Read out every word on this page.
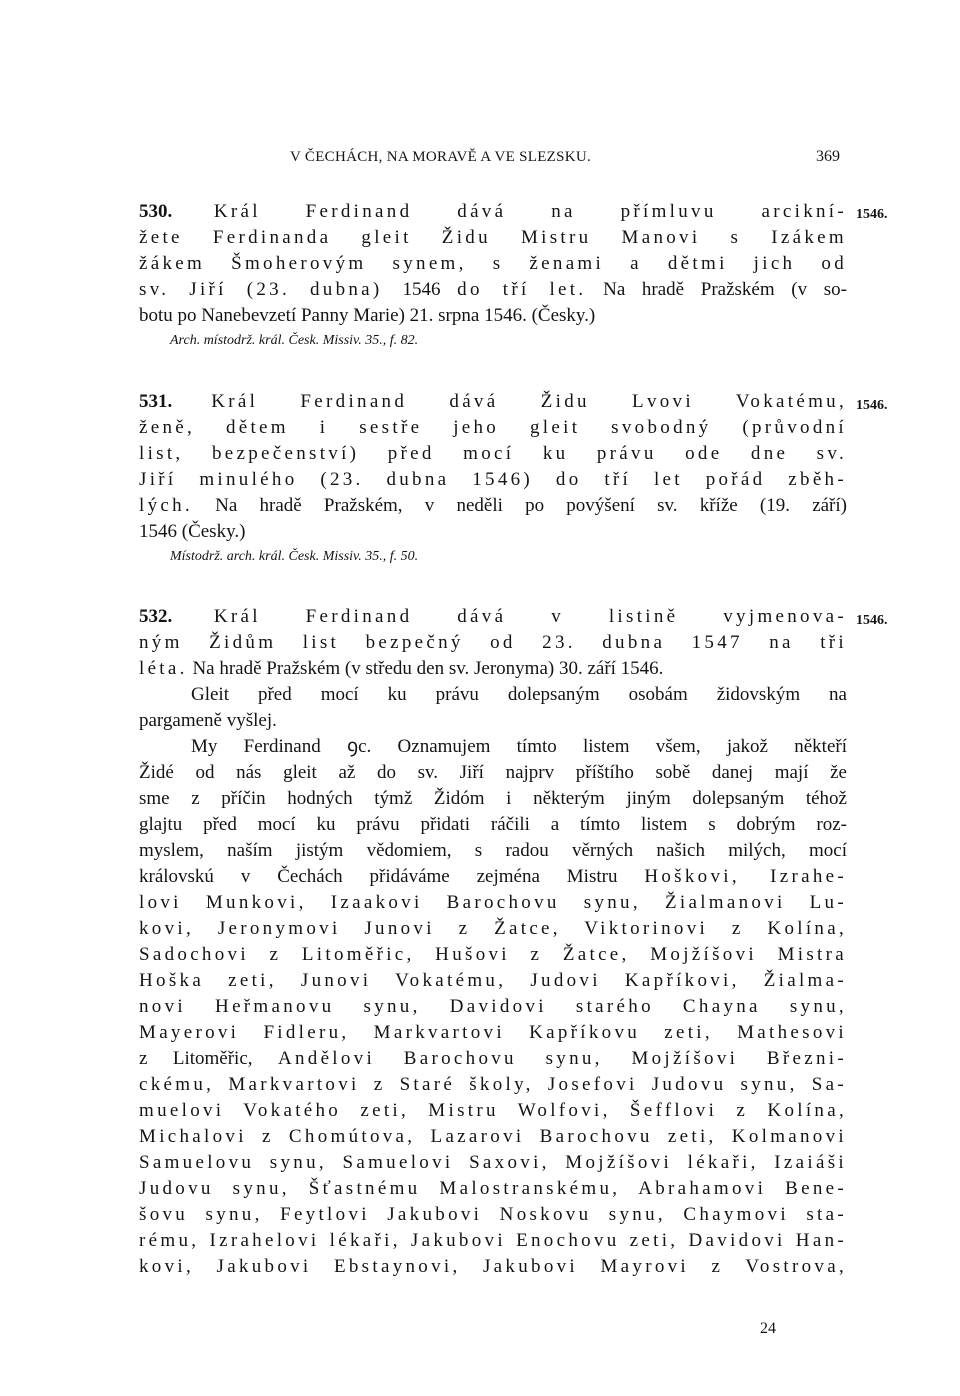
V ČECHÁCH, NA MORAVĚ A VE SLEZSKU.	369
530. Král Ferdinand dává na přímluvu arcikní-
žete Ferdinanda gleit Židu Mistru Manovi s Izákem
žákem Šmoherovým synem, s ženami a dětmi jich od
sv. Jiří (23. dubna) 1546 do tří let. Na hradě Pražském (v so-
botu po Nanebevzetí Panny Marie) 21. srpna 1546. (Česky.)
Arch. místodrž. král. Česk. Missiv. 35., f. 82.
1546.
531. Král Ferdinand dává Židu Lvovi Vokatému,
ženě, dětem i sestře jeho gleit svobodný (průvodní
list, bezpečenství) před mocí ku právu ode dne sv.
Jiří minulého (23. dubna 1546) do tří let pořád zběh-
lých. Na hradě Pražském, v neděli po povýšení sv. kříže (19. září)
1546 (Česky.)
Místodrž. arch. král. Česk. Missiv. 35., f. 50.
1546.
532. Král Ferdinand dává v listině vyjmenova-
ným Židům list bezpečný od 23. dubna 1547 na tři
léta. Na hradě Pražském (v středu den sv. Jeronyma) 30. září 1546.
Gleit před mocí ku právu dolepsaným osobám židovským na
pargameně vyšlej.
My Ferdinand ꝯc. Oznamujem tímto listem všem, jakož někteří
Židé od nás gleit až do sv. Jiří najprv příštího sobě danej mají že
sme z příčin hodných týmž Židóm i některým jiným dolepsaným téhož
glajtu před mocí ku právu přidati ráčili a tímto listem s dobrým roz-
myslem, naším jistým vědomiem, s radou věrných našich milých, mocí
královskú v Čechách přidáváme zejména Mistru Hoškovi, Izrahe-
lovi Munkovi, Izaakovi Barochovu synu, Žialmanovi Lu-
kovi, Jeronymovi Junovi z Žatce, Viktorinovi z Kolína,
Sadochovi z Litoměřic, Hušovi z Žatce, Mojžíšovi Mistra
Hoška zeti, Junovi Vokatému, Judovi Kapříkovi, Žialma-
novi Heřmanovu synu, Davidovi starého Chayna synu,
Mayerovi Fidleru, Markvartovi Kapříkovu zeti, Mathesovi
z Litoměřic, Andělovi Barochovu synu, Mojžíšovi Březni-
ckému, Markvartovi z Staré školy, Josefovi Judovu synu, Sa-
muelovi Vokatého zeti, Mistru Wolfovi, Šefflovi z Kolína,
Michalovi z Chomútova, Lazarovi Barochovu zeti, Kolmanovi
Samuelovu synu, Samuelovi Saxovi, Mojžíšovi lékaři, Izaiáši
Judovu synu, Šťastnému Malostranskému, Abrahamovi Bene-
šovu synu, Feytlovi Jakubovi Noskovu synu, Chaymovi sta-
rému, Izrahelovi lékaři, Jakubovi Enochovu zeti, Davidovi Han-
kovi, Jakubovi Ebstaynovi, Jakubovi Mayrovi z Vostrova,
1546.
24
